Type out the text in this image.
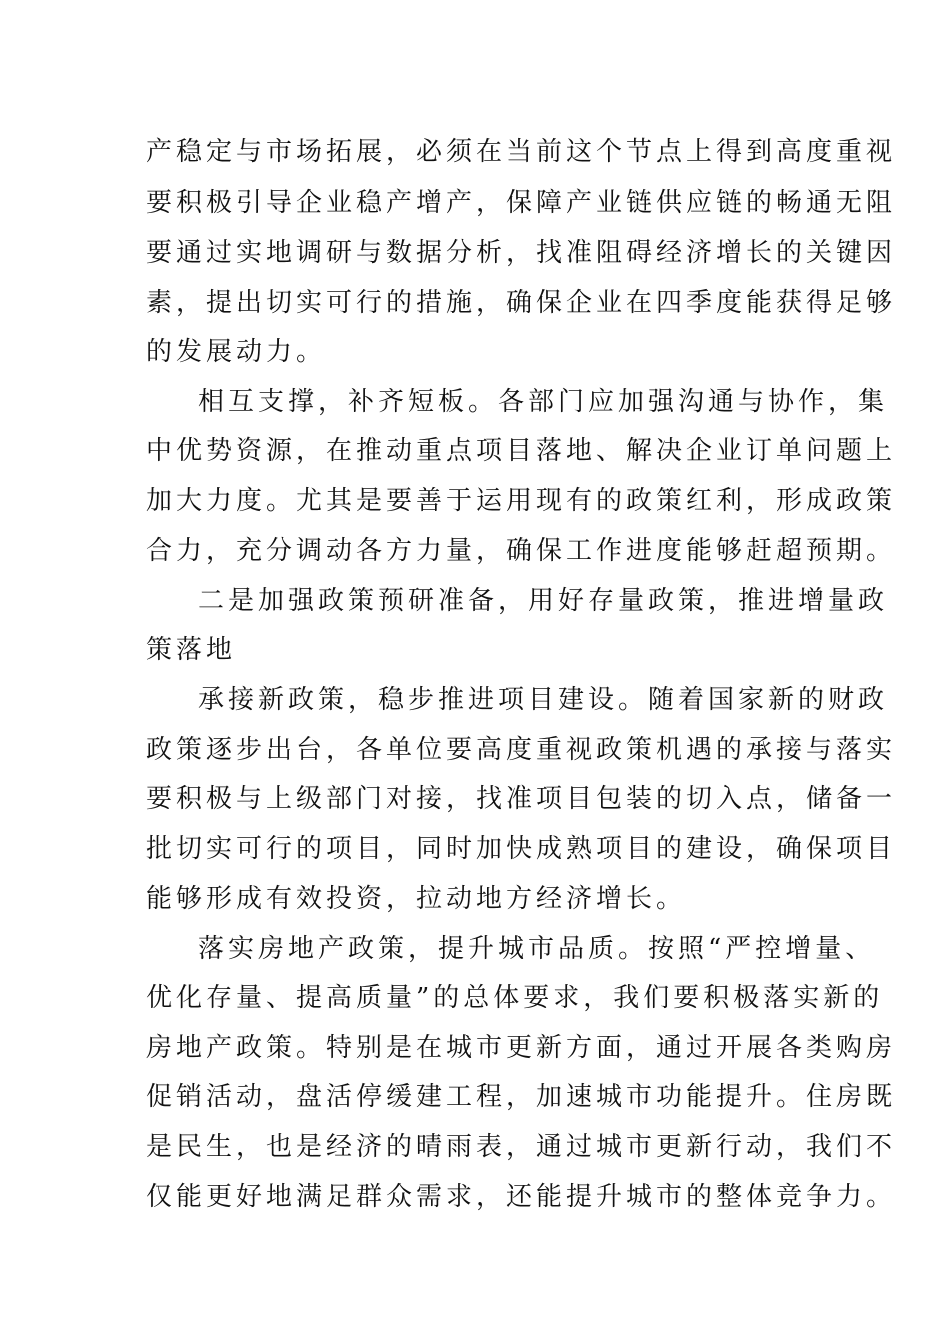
产稳定与市场拓展，必须在当前这个节点上得到高度重视
要积极引导企业稳产增产，保障产业链供应链的畅通无阻
要通过实地调研与数据分析，找准阻碍经济增长的关键因
素，提出切实可行的措施，确保企业在四季度能获得足够
的发展动力。
相互支撑，补齐短板。各部门应加强沟通与协作，集
中优势资源，在推动重点项目落地、解决企业订单问题上
加大力度。尤其是要善于运用现有的政策红利，形成政策
合力，充分调动各方力量，确保工作进度能够赶超预期。
二是加强政策预研准备，用好存量政策，推进增量政
策落地
承接新政策，稳步推进项目建设。随着国家新的财政
政策逐步出台，各单位要高度重视政策机遇的承接与落实
要积极与上级部门对接，找准项目包装的切入点，储备一
批切实可行的项目，同时加快成熟项目的建设，确保项目
能够形成有效投资，拉动地方经济增长。
落实房地产政策，提升城市品质。按照“严控增量、
优化存量、提高质量”的总体要求，我们要积极落实新的
房地产政策。特别是在城市更新方面，通过开展各类购房
促销活动，盘活停缓建工程，加速城市功能提升。住房既
是民生，也是经济的晴雨表，通过城市更新行动，我们不
仅能更好地满足群众需求，还能提升城市的整体竞争力。
